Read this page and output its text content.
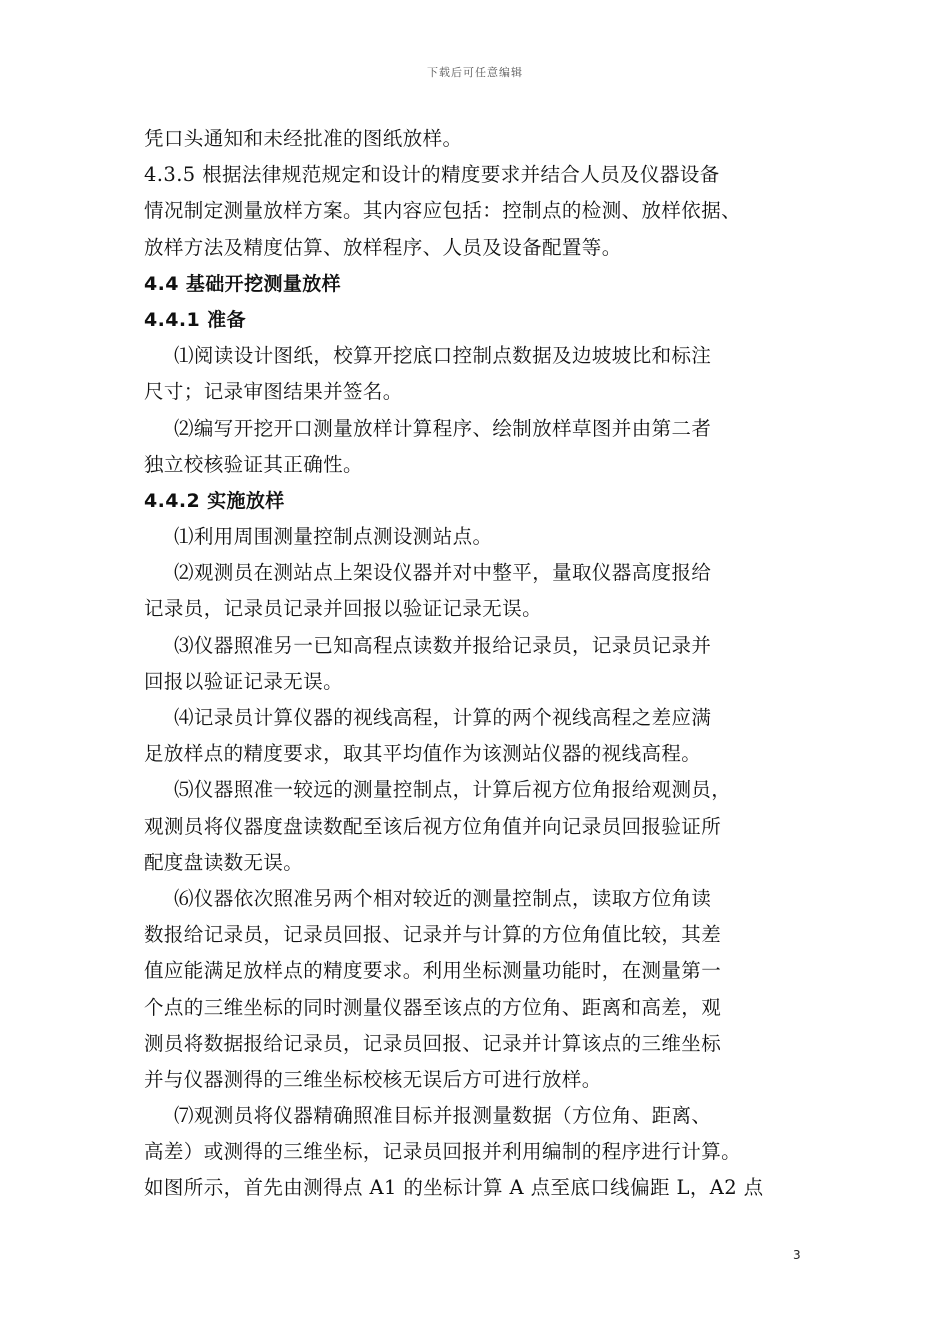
下载后可任意编辑
凭口头通知和未经批准的图纸放样。
4.3.5 根据法律规范规定和设计的精度要求并结合人员及仪器设备
情况制定测量放样方案。其内容应包括：控制点的检测、放样依据、
放样方法及精度估算、放样程序、人员及设备配置等。
4.4 基础开挖测量放样
4.4.1 准备
⑴阅读设计图纸，校算开挖底口控制点数据及边坡坡比和标注
尺寸；记录审图结果并签名。
⑵编写开挖开口测量放样计算程序、绘制放样草图并由第二者
独立校核验证其正确性。
4.4.2 实施放样
⑴利用周围测量控制点测设测站点。
⑵观测员在测站点上架设仪器并对中整平，量取仪器高度报给
记录员，记录员记录并回报以验证记录无误。
⑶仪器照准另一已知高程点读数并报给记录员，记录员记录并
回报以验证记录无误。
⑷记录员计算仪器的视线高程，计算的两个视线高程之差应满
足放样点的精度要求，取其平均值作为该测站仪器的视线高程。
⑸仪器照准一较远的测量控制点，计算后视方位角报给观测员，
观测员将仪器度盘读数配至该后视方位角值并向记录员回报验证所
配度盘读数无误。
⑹仪器依次照准另两个相对较近的测量控制点，读取方位角读
数报给记录员，记录员回报、记录并与计算的方位角值比较，其差
值应能满足放样点的精度要求。利用坐标测量功能时，在测量第一
个点的三维坐标的同时测量仪器至该点的方位角、距离和高差，观
测员将数据报给记录员，记录员回报、记录并计算该点的三维坐标
并与仪器测得的三维坐标校核无误后方可进行放样。
⑺观测员将仪器精确照准目标并报测量数据（方位角、距离、
高差）或测得的三维坐标，记录员回报并利用编制的程序进行计算。
如图所示，首先由测得点 A1 的坐标计算 A 点至底口线偏距 L，A2 点
3
